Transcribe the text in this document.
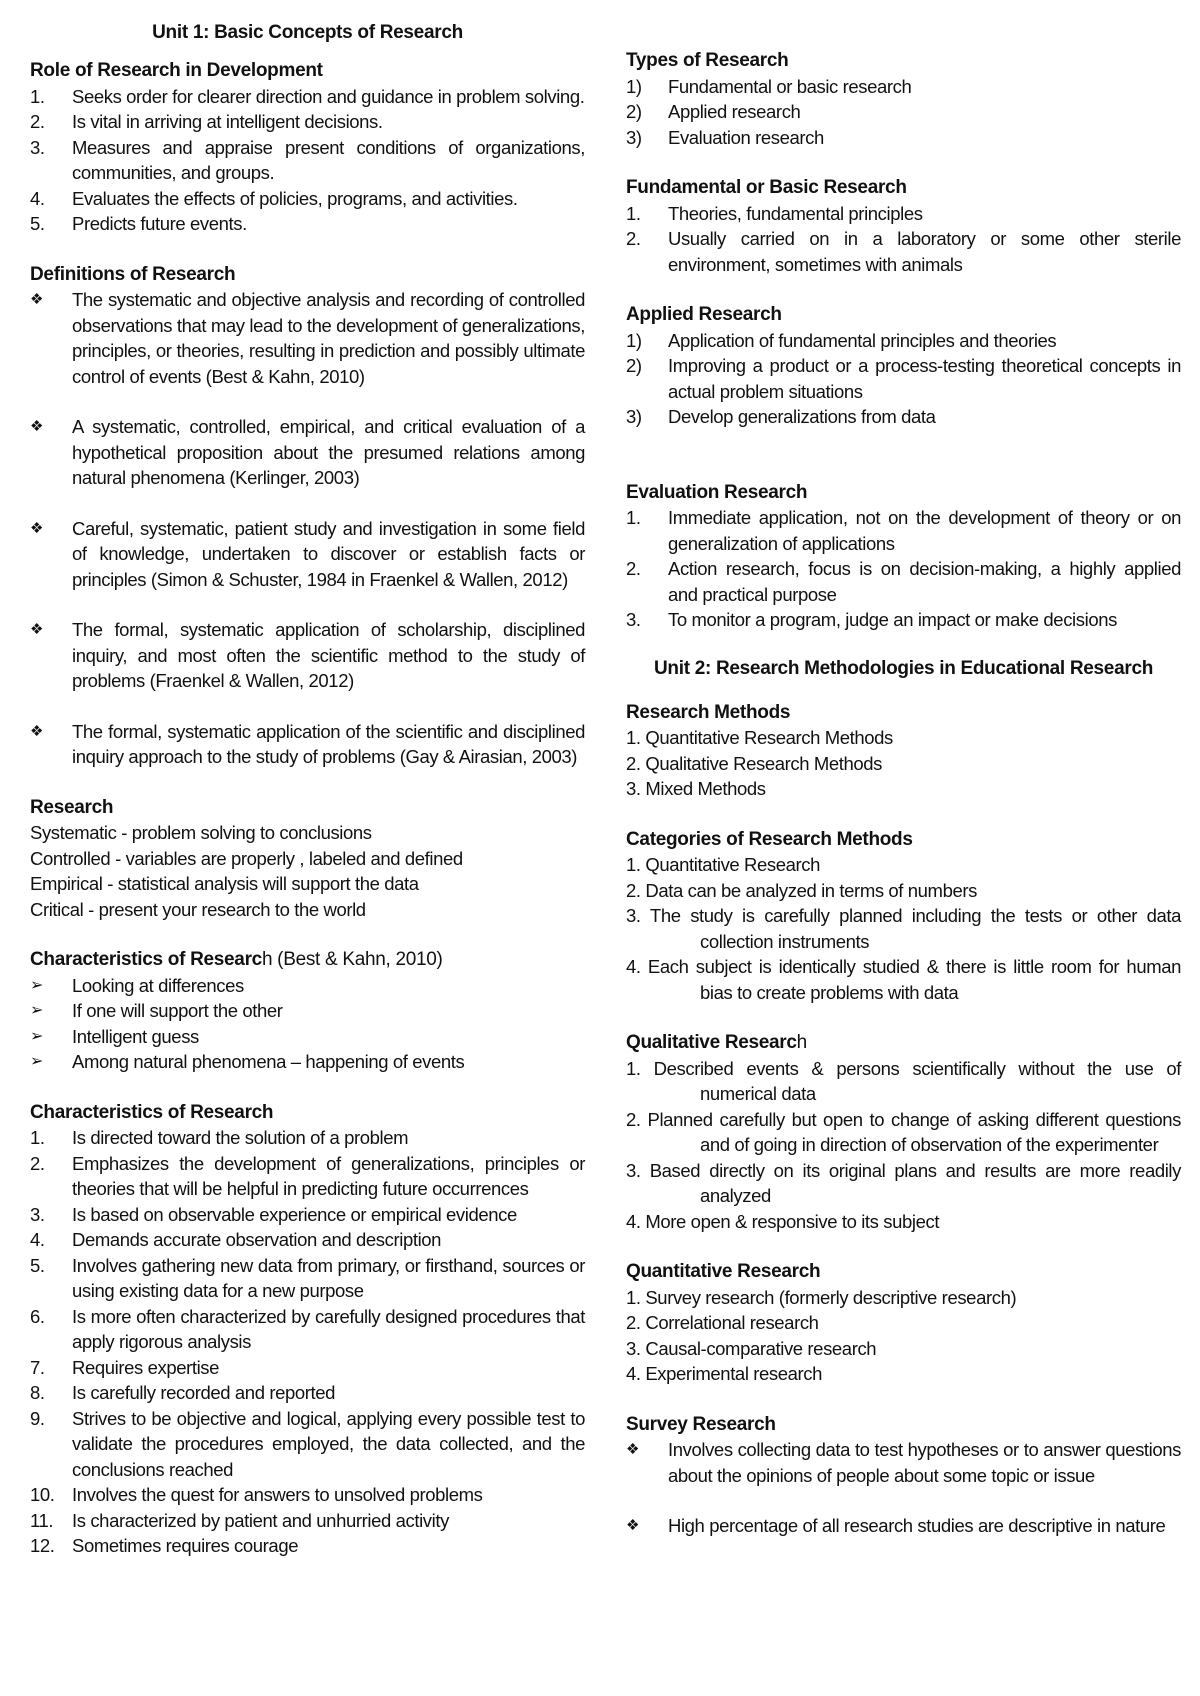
Unit 1: Basic Concepts of Research
Role of Research in Development
1.	Seeks order for clearer direction and guidance in problem solving.
2.	Is vital in arriving at intelligent decisions.
3.	Measures and appraise present conditions of organizations, communities, and groups.
4.	Evaluates the effects of policies, programs, and activities.
5.	Predicts future events.
Definitions of Research
❖	The systematic and objective analysis and recording of controlled observations that may lead to the development of generalizations, principles, or theories, resulting in prediction and possibly ultimate control of events (Best & Kahn, 2010)
❖	A systematic, controlled, empirical, and critical evaluation of a hypothetical proposition about the presumed relations among natural phenomena (Kerlinger, 2003)
❖	Careful, systematic, patient study and investigation in some field of knowledge, undertaken to discover or establish facts or principles (Simon & Schuster, 1984 in Fraenkel & Wallen, 2012)
❖	The formal, systematic application of scholarship, disciplined inquiry, and most often the scientific method to the study of problems (Fraenkel & Wallen, 2012)
❖	The formal, systematic application of the scientific and disciplined inquiry approach to the study of problems (Gay & Airasian, 2003)
Research
Systematic - problem solving to conclusions
Controlled - variables are properly , labeled and defined
Empirical - statistical analysis will support the data
Critical - present your research to the world
Characteristics of Research (Best & Kahn, 2010)
➢	Looking at differences
➢	If one will support the other
➢	Intelligent guess
➢	Among natural phenomena – happening of events
Characteristics of Research
1.	Is directed toward the solution of a problem
2.	Emphasizes the development of generalizations, principles or theories that will be helpful in predicting future occurrences
3.	Is based on observable experience or empirical evidence
4.	Demands accurate observation and description
5.	Involves gathering new data from primary, or firsthand, sources or using existing data for a new purpose
6.	Is more often characterized by carefully designed procedures that apply rigorous analysis
7.	Requires expertise
8.	Is carefully recorded and reported
9.	Strives to be objective and logical, applying every possible test to validate the procedures employed, the data collected, and the conclusions reached
10. Involves the quest for answers to unsolved problems
11.	Is characterized by patient and unhurried activity
12. Sometimes requires courage
Types of Research
1)	Fundamental or basic research
2)	Applied research
3)	Evaluation research
Fundamental or Basic Research
1.	Theories, fundamental principles
2.	Usually carried on in a laboratory or some other sterile environment, sometimes with animals
Applied Research
1)	Application of fundamental principles and theories
2)	Improving a product or a process-testing theoretical concepts in actual problem situations
3)	Develop generalizations from data
Evaluation Research
1.	Immediate application, not on the development of theory or on generalization of applications
2.	Action research, focus is on decision-making, a highly applied and practical purpose
3.	To monitor a program, judge an impact or make decisions
Unit 2: Research Methodologies in Educational Research
Research Methods
1. Quantitative Research Methods
2. Qualitative Research Methods
3. Mixed Methods
Categories of Research Methods
1. Quantitative Research
2. Data can be analyzed in terms of numbers
3. The study is carefully planned including the tests or other data collection instruments
4. Each subject is identically studied & there is little room for human bias to create problems with data
Qualitative Research
1. Described events & persons scientifically without the use of numerical data
2. Planned carefully but open to change of asking different questions and of going in direction of observation of the experimenter
3. Based directly on its original plans and results are more readily analyzed
4. More open & responsive to its subject
Quantitative Research
1. Survey research (formerly descriptive research)
2. Correlational research
3. Causal-comparative research
4. Experimental research
Survey Research
❖	Involves collecting data to test hypotheses or to answer questions about the opinions of people about some topic or issue
❖	High percentage of all research studies are descriptive in nature
